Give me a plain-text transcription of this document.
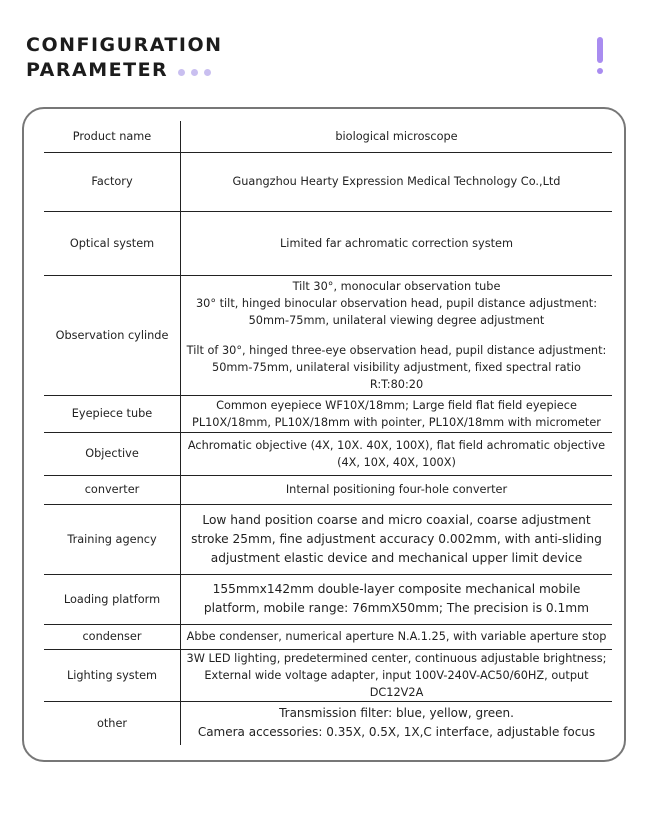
CONFIGURATION
PARAMETER
Product name	biological microscope

Factory	Guangzhou Hearty Expression Medical Technology Co.,Ltd

Optical system	Limited far achromatic correction system

Observation cylinde	Tilt 30°, monocular observation tube
30° tilt, hinged binocular observation head, pupil distance adjustment: 50mm-75mm, unilateral viewing degree adjustment
Tilt of 30°, hinged three-eye observation head, pupil distance adjustment: 50mm-75mm, unilateral visibility adjustment, fixed spectral ratio R:T:80:20

Eyepiece tube	Common eyepiece WF10X/18mm; Large field flat field eyepiece PL10X/18mm, PL10X/18mm with pointer, PL10X/18mm with micrometer

Objective	Achromatic objective (4X, 10X. 40X, 100X), flat field achromatic objective (4X, 10X, 40X, 100X)

converter	Internal positioning four-hole converter

Training agency	Low hand position coarse and micro coaxial, coarse adjustment stroke 25mm, fine adjustment accuracy 0.002mm, with anti-sliding adjustment elastic device and mechanical upper limit device

Loading platform	155mmx142mm double-layer composite mechanical mobile platform, mobile range: 76mmX50mm; The precision is 0.1mm

condenser	Abbe condenser, numerical aperture N.A.1.25, with variable aperture stop

Lighting system	3W LED lighting, predetermined center, continuous adjustable brightness; External wide voltage adapter, input 100V-240V-AC50/60HZ, output DC12V2A

other	Transmission filter: blue, yellow, green.
Camera accessories: 0.35X, 0.5X, 1X,C interface, adjustable focus
